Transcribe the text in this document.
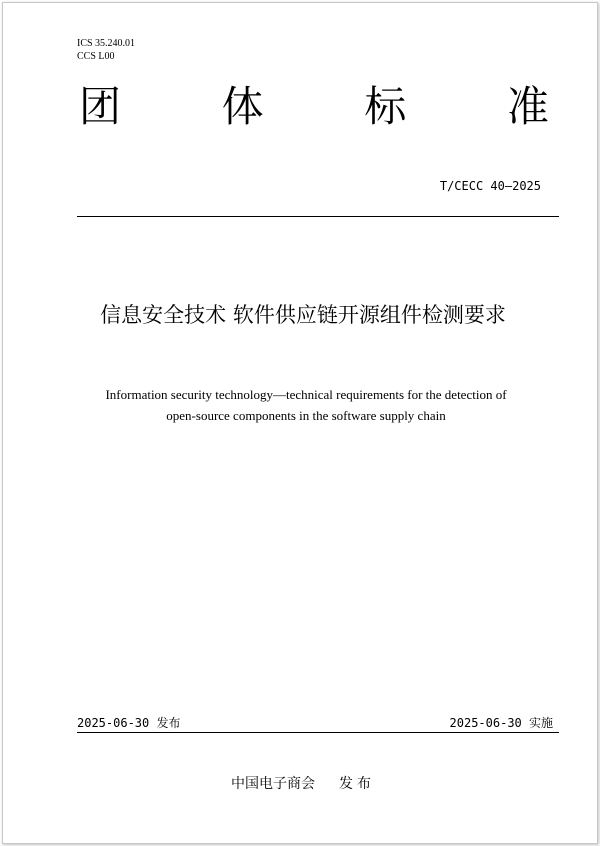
ICS 35.240.01
CCS L00
团 体 标 准
T/CECC 40—2025
信息安全技术 软件供应链开源组件检测要求
Information security technology—technical requirements for the detection of
open-source components in the software supply chain
2025-06-30 发布	2025-06-30 实施
中国电子商会 发布
